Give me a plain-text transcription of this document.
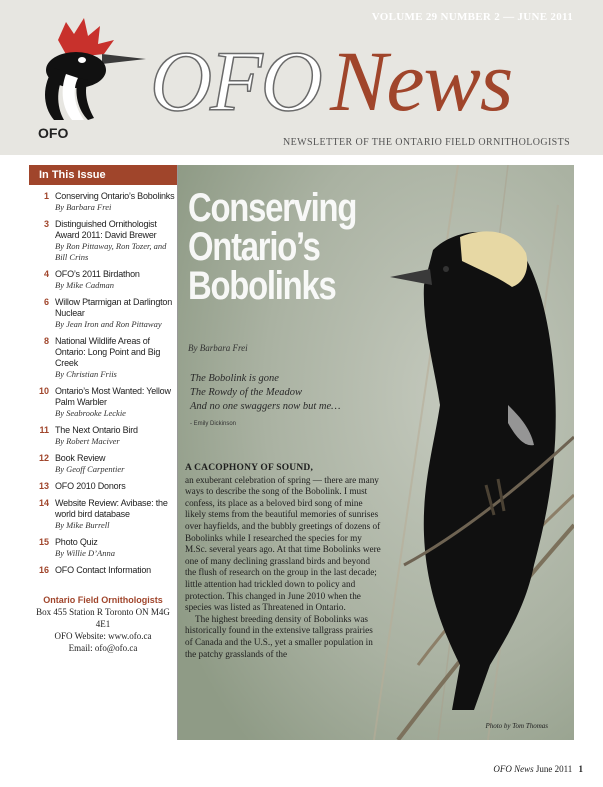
VOLUME 29 NUMBER 2 — JUNE 2011
OFO
OFO News
NEWSLETTER OF THE ONTARIO FIELD ORNITHOLOGISTS
In This Issue
1 Conserving Ontario’s Bobolinks
By Barbara Frei
3 Distinguished Ornithologist Award 2011: David Brewer
By Ron Pittaway, Ron Tozer, and Bill Crins
4 OFO’s 2011 Birdathon
By Mike Cadman
6 Willow Ptarmigan at Darlington Nuclear
By Jean Iron and Ron Pittaway
8 National Wildlife Areas of Ontario: Long Point and Big Creek
By Christian Friis
10 Ontario’s Most Wanted: Yellow Palm Warbler
By Seabrooke Leckie
11 The Next Ontario Bird
By Robert Maciver
12 Book Review
By Geoff Carpentier
13 OFO 2010 Donors
14 Website Review: Avibase: the world bird database
By Mike Burrell
15 Photo Quiz
By Willie D’Anna
16 OFO Contact Information
Ontario Field Ornithologists
Box 455 Station R Toronto ON M4G 4E1
OFO Website: www.ofo.ca
Email: ofo@ofo.ca
Conserving
Ontario’s
Bobolinks
By Barbara Frei
The Bobolink is gone
The Rowdy of the Meadow
And no one swaggers now but me…
- Emily Dickinson

A CACOPHONY OF SOUND,
an exuberant celebration of spring — there are many ways to describe the song of the Bobolink. I must confess, its place as a beloved bird song of mine likely stems from the beautiful memories of sunrises over hayfields, and the bubbly greetings of dozens of Bobolinks while I researched the species for my M.Sc. several years ago. At that time Bobolinks were one of many declining grassland birds and beyond the flush of research on the group in the last decade; little attention had trickled down to policy and protection. This changed in June 2010 when the species was listed as Threatened in Ontario.

The highest breeding density of Bobolinks was historically found in the extensive tallgrass prairies of Canada and the U.S., yet a smaller population in the patchy grasslands of the

Photo by Tom Thomas
OFO News June 2011 1
